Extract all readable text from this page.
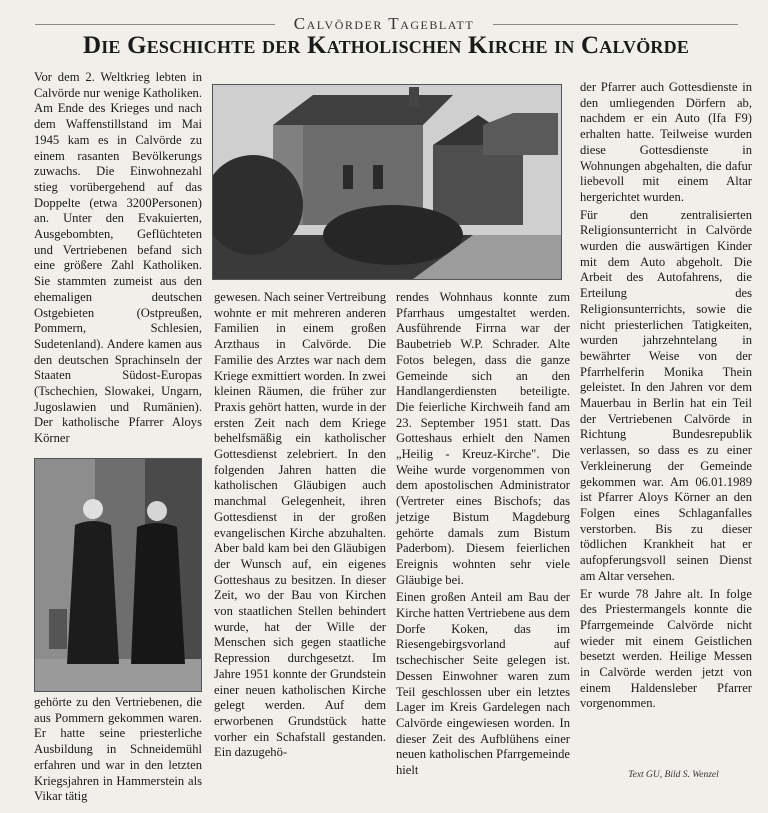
Calvörder Tageblatt
Die Geschichte der Katholischen Kirche in Calvörde

Vor dem 2. Weltkrieg lebten in Calvörde nur wenige Katholiken. Am Ende des Krieges und nach dem Waffenstillstand im Mai 1945 kam es in Calvörde zu einem rasanten Bevölkerungs zuwachs. Die Einwohnezahl stieg vorübergehend auf das Doppelte (etwa 3200Personen) an. Unter den Evakuierten, Ausgebombten, Geflüchteten und Vertriebenen befand sich eine größere Zahl Katholiken. Sie stammten zumeist aus den ehemaligen deutschen Ostgebieten (Ostpreußen, Pommern, Schlesien, Sudetenland). Andere kamen aus den deutschen Sprachinseln der Staaten Südost-Europas (Tschechien, Slowakei, Ungarn, Jugoslawien und Rumänien). Der katholische Pfarrer Aloys Körner

gehörte zu den Vertriebenen, die aus Pommern gekommen waren. Er hatte seine priesterliche Ausbildung in Schneidemühl erfahren und war in den letzten Kriegsjahren in Hammerstein als Vikar tätig

gewesen. Nach seiner Vertreibung wohnte er mit mehreren anderen Familien in einem großen Arzthaus in Calvörde. Die Familie des Arztes war nach dem Kriege exmittiert worden. In zwei kleinen Räumen, die früher zur Praxis gehört hatten, wurde in der ersten Zeit nach dem Kriege behelfsmäßig ein katholischer Gottesdienst zelebriert. In den folgenden Jahren hatten die katholischen Gläubigen auch manchmal Gelegenheit, ihren Gottesdienst in der großen evangelischen Kirche abzuhalten. Aber bald kam bei den Gläubigen der Wunsch auf, ein eigenes Gotteshaus zu besitzen. In dieser Zeit, wo der Bau von Kirchen von staatlichen Stellen behindert wurde, hat der Wille der Menschen sich gegen staatliche Repression durchgesetzt. Im Jahre 1951 konnte der Grundstein einer neuen katholischen Kirche gelegt werden. Auf dem erworbenen Grundstück hatte vorher ein Schafstall gestanden. Ein dazugehö-

rendes Wohnhaus konnte zum Pfarrhaus umgestaltet werden. Ausführende Firrna war der Baubetrieb W.P. Schrader. Alte Fotos belegen, dass die ganze Gemeinde sich an den Handlangerdiensten beteiligte. Die feierliche Kirchweih fand am 23. September 1951 statt. Das Gotteshaus erhielt den Namen „Heilig - Kreuz-Kirche". Die Weihe wurde vorgenommen von dem apostolischen Administrator (Vertreter eines Bischofs; das jetzige Bistum Magdeburg gehörte damals zum Bistum Paderbom). Diesem feierlichen Ereignis wohnten sehr viele Gläubige bei.

Einen großen Anteil am Bau der Kirche hatten Vertriebene aus dem Dorfe Koken, das im Riesengebirgsvorland auf tschechischer Seite gelegen ist. Dessen Einwohner waren zum Teil geschlossen uber ein letztes Lager im Kreis Gardelegen nach Calvörde eingewiesen worden. In dieser Zeit des Aufblühens einer neuen katholischen Pfarrgemeinde hielt

der Pfarrer auch Gottesdienste in den umliegenden Dörfern ab, nachdem er ein Auto (Ifa F9) erhalten hatte. Teilweise wurden diese Gottesdienste in Wohnungen abgehalten, die dafur liebevoll mit einem Altar hergerichtet wurden.

Für den zentralisierten Religionsunterricht in Calvörde wurden die auswärtigen Kinder mit dem Auto abgeholt. Die Arbeit des Autofahrens, die Erteilung des Religionsunterrichts, sowie die nicht priesterlichen Tatigkeiten, wurden jahrzehntelang in bewährter Weise von der Pfarrhelferin Monika Thein geleistet. In den Jahren vor dem Mauerbau in Berlin hat ein Teil der Vertriebenen Calvörde in Richtung Bundesrepublik verlassen, so dass es zu einer Verkleinerung der Gemeinde gekommen war. Am 06.01.1989 ist Pfarrer Aloys Körner an den Folgen eines Schlaganfalles verstorben. Bis zu dieser tödlichen Krankheit hat er aufopferungsvoll seinen Dienst am Altar versehen.

Er wurde 78 Jahre alt. In folge des Priestermangels konnte die Pfarrgemeinde Calvörde nicht wieder mit einem Geistlichen besetzt werden. Heilige Messen in Calvörde werden jetzt von einem Haldensleber Pfarrer vorgenommen.

Text GU, Bild S. Wenzel
